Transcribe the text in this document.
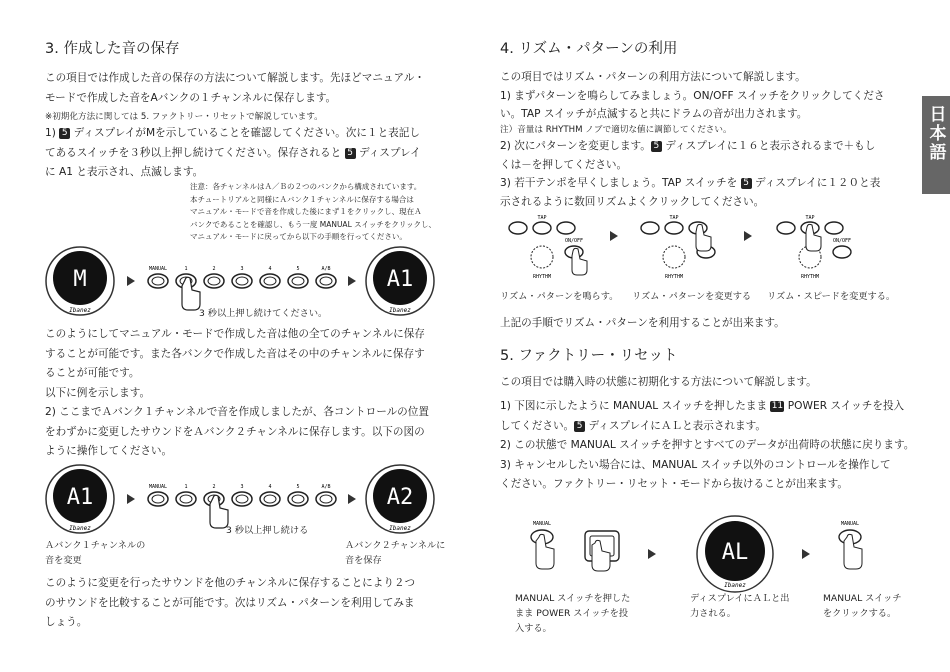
日本語
3. 作成した音の保存
この項目では作成した音の保存の方法について解説します。先ほどマニュアル・
モードで作成した音をAバンクの１チャンネルに保存します。
※初期化方法に関しては 5. ファクトリー・リセットで解説しています。
1) 5 ディスプレイがMを示していることを確認してください。次に１と表記し
てあるスイッチを３秒以上押し続けてください。保存されると 5 ディスプレイ
に A1 と表示され、点滅します。
注意：各チャンネルはＡ／Ｂの２つのバンクから構成されています。
本チュートリアルと同様にＡバンク１チャンネルに保存する場合は
マニュアル・モードで音を作成した後にまず１をクリックし、現在Ａ
バンクであることを確認し、もう一度 MANUAL スイッチをクリックし、
マニュアル・モードに戻ってから以下の手順を行ってください。
M
Ibanez
MANUAL	1	2	3	4	5	A/B	A1
Ibanez
3 秒以上押し続けてください。
このようにしてマニュアル・モードで作成した音は他の全てのチャンネルに保存
することが可能です。また各バンクで作成した音はその中のチャンネルに保存す
ることが可能です。
以下に例を示します。
2) ここまでＡバンク１チャンネルで音を作成しましたが、各コントロールの位置
をわずかに変更したサウンドをＡバンク２チャンネルに保存します。以下の図の
ように操作してください。
A1
Ibanez
MANUAL	1	2	3	4	5	A/B	A2
Ibanez
3 秒以上押し続ける
Ａバンク１チャンネルの
音を変更
Ａバンク２チャンネルに
音を保存
このように変更を行ったサウンドを他のチャンネルに保存することにより２つ
のサウンドを比較することが可能です。次はリズム・パターンを利用してみま
しょう。
4. リズム・パターンの利用
この項目ではリズム・パターンの利用方法について解説します。
1) まずパターンを鳴らしてみましょう。ON/OFF スイッチをクリックしてくださ
い。TAP スイッチが点滅すると共にドラムの音が出力されます。
注）音量は RHYTHM ノブで適切な値に調節してください。
2) 次にパターンを変更します。 5 ディスプレイに１６と表示されるまで＋もし
くは－を押してください。
3) 若干テンポを早くしましょう。TAP スイッチを 5 ディスプレイに１２０と表
示されるように数回リズムよくクリックしてください。
TAP
RHYTHM
ON/OFF
TAP
RHYTHM
TAP
RHYTHM
ON/OFF
リズム・パターンを鳴らす。 リズム・パターンを変更する リズム・スピードを変更する。
上記の手順でリズム・パターンを利用することが出来ます。
5. ファクトリー・リセット
この項目では購入時の状態に初期化する方法について解説します。
1) 下図に示したように MANUAL スイッチを押したまま 11 POWER スイッチを投入
してください。 5 ディスプレイにＡＬと表示されます。
2) この状態で MANUAL スイッチを押すとすべてのデータが出荷時の状態に戻ります。
3) キャンセルしたい場合には、MANUAL スイッチ以外のコントロールを操作して
ください。ファクトリー・リセット・モードから抜けることが出来ます。
MANUAL
AL
Ibanez
MANUAL
MANUAL スイッチを押した
まま POWER スイッチを投
入する。
ディスプレイにＡＬと出
力される。
MANUAL スイッチ
をクリックする。
